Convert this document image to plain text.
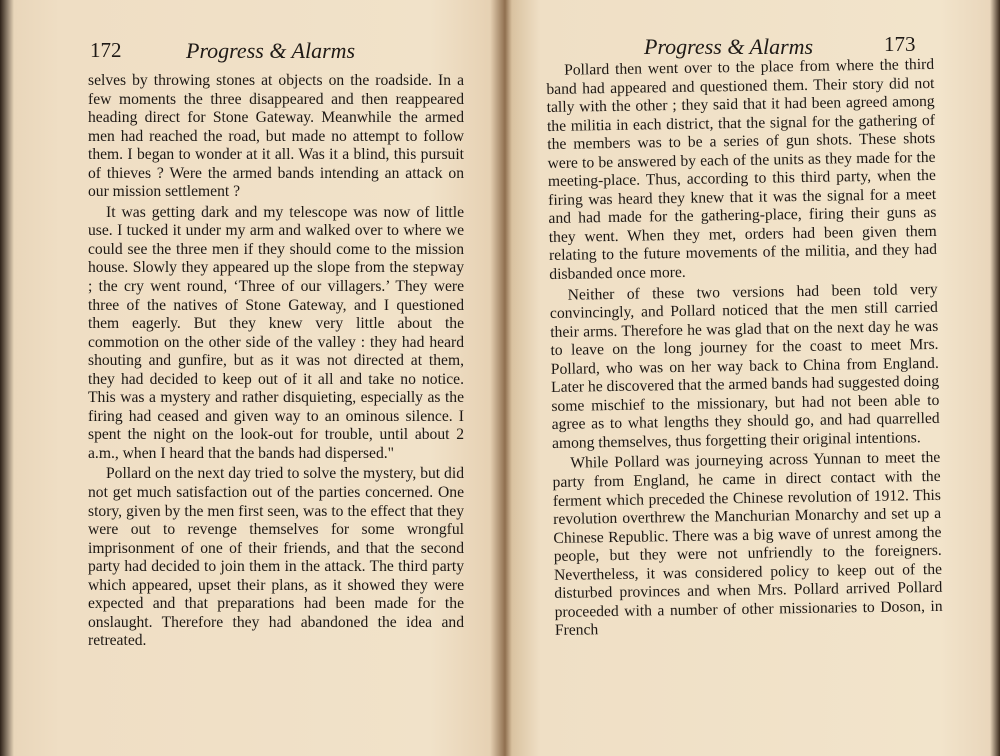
172	Progress & Alarms

selves by throwing stones at objects on the roadside. In a few moments the three disappeared and then reappeared heading direct for Stone Gateway. Meanwhile the armed men had reached the road, but made no attempt to follow them. I began to wonder at it all. Was it a blind, this pursuit of thieves ? Were the armed bands intending an attack on our mission settlement ?

It was getting dark and my telescope was now of little use. I tucked it under my arm and walked over to where we could see the three men if they should come to the mission house. Slowly they appeared up the slope from the stepway ; the cry went round, ‘Three of our villagers.’ They were three of the natives of Stone Gateway, and I questioned them eagerly. But they knew very little about the commotion on the other side of the valley : they had heard shouting and gunfire, but as it was not directed at them, they had decided to keep out of it all and take no notice. This was a mystery and rather disquieting, especially as the firing had ceased and given way to an ominous silence. I spent the night on the look-out for trouble, until about 2 a.m., when I heard that the bands had dispersed."

Pollard on the next day tried to solve the mystery, but did not get much satisfaction out of the parties concerned. One story, given by the men first seen, was to the effect that they were out to revenge themselves for some wrongful imprisonment of one of their friends, and that the second party had decided to join them in the attack. The third party which appeared, upset their plans, as it showed they were expected and that preparations had been made for the onslaught. Therefore they had abandoned the idea and retreated.

Progress & Alarms	173

Pollard then went over to the place from where the third band had appeared and questioned them. Their story did not tally with the other ; they said that it had been agreed among the militia in each district, that the signal for the gathering of the members was to be a series of gun shots. These shots were to be answered by each of the units as they made for the meeting-place. Thus, according to this third party, when the firing was heard they knew that it was the signal for a meet and had made for the gathering-place, firing their guns as they went. When they met, orders had been given them relating to the future movements of the militia, and they had disbanded once more.

Neither of these two versions had been told very convincingly, and Pollard noticed that the men still carried their arms. Therefore he was glad that on the next day he was to leave on the long journey for the coast to meet Mrs. Pollard, who was on her way back to China from England. Later he discovered that the armed bands had suggested doing some mischief to the missionary, but had not been able to agree as to what lengths they should go, and had quarrelled among themselves, thus forgetting their original intentions.

While Pollard was journeying across Yunnan to meet the party from England, he came in direct contact with the ferment which preceded the Chinese revolution of 1912. This revolution overthrew the Manchurian Monarchy and set up a Chinese Republic. There was a big wave of unrest among the people, but they were not unfriendly to the foreigners. Nevertheless, it was considered policy to keep out of the disturbed provinces and when Mrs. Pollard arrived Pollard proceeded with a number of other missionaries to Doson, in French
